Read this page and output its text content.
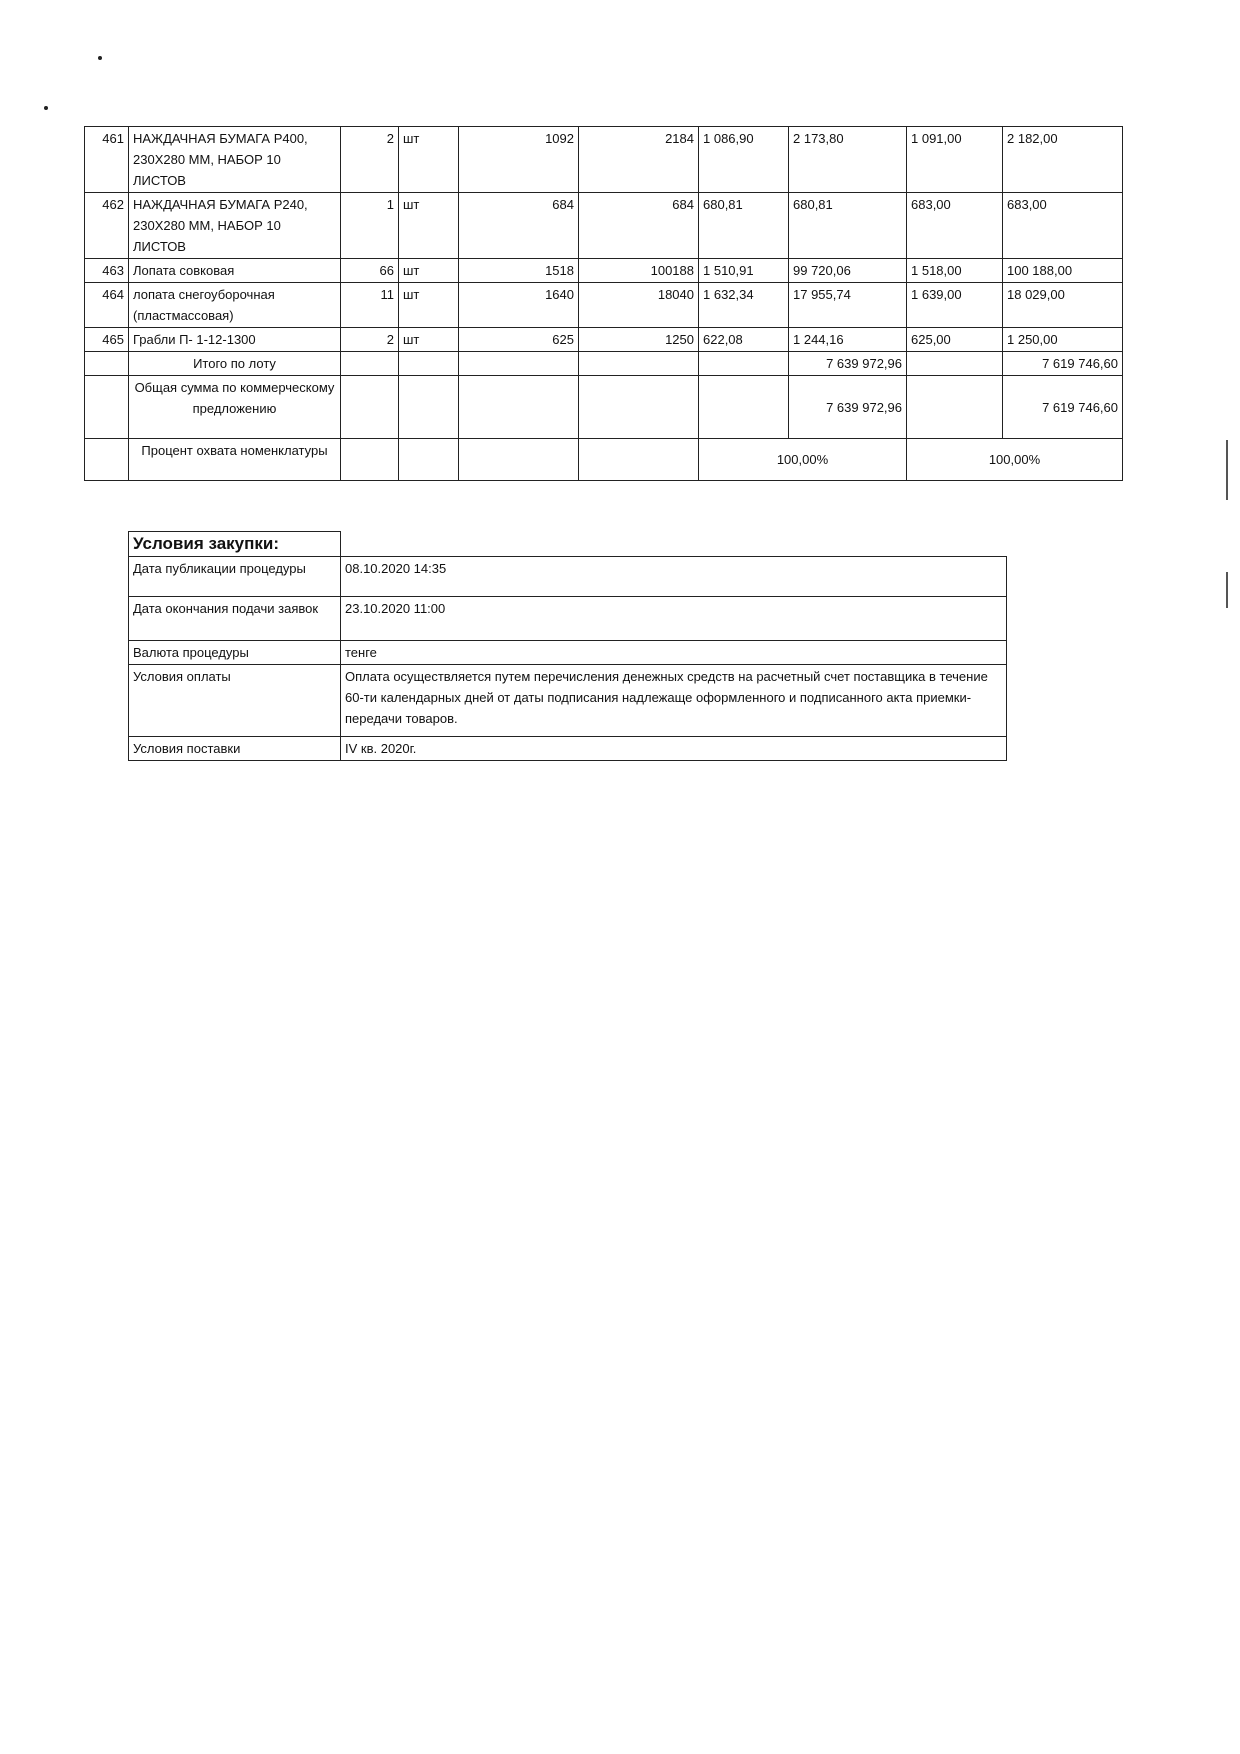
461	НАЖДАЧНАЯ БУМАГА Р400, 230Х280 ММ, НАБОР 10 ЛИСТОВ	2	шт	1092	2184	1 086,90	2 173,80	1 091,00	2 182,00
462	НАЖДАЧНАЯ БУМАГА Р240, 230Х280 ММ, НАБОР 10 ЛИСТОВ	1	шт	684	684	680,81	680,81	683,00	683,00
463	Лопата совковая	66	шт	1518	100188	1 510,91	99 720,06	1 518,00	100 188,00
464	лопата снегоуборочная (пластмассовая)	11	шт	1640	18040	1 632,34	17 955,74	1 639,00	18 029,00
465	Грабли П- 1-12-1300	2	шт	625	1250	622,08	1 244,16	625,00	1 250,00
	Итого по лоту						7 639 972,96		7 619 746,60
	Общая сумма по коммерческому предложению						7 639 972,96		7 619 746,60
	Процент охвата номенклатуры					100,00%		100,00%	
Условия закупки:	
Дата публикации процедуры	08.10.2020 14:35
Дата окончания подачи заявок	23.10.2020 11:00
Валюта процедуры	тенге
Условия оплаты	Оплата осуществляется путем перечисления денежных средств на расчетный счет поставщика в течение 60-ти календарных дней от даты подписания надлежаще оформленного и подписанного акта приемки-передачи товаров.
Условия поставки	IV кв. 2020г.
